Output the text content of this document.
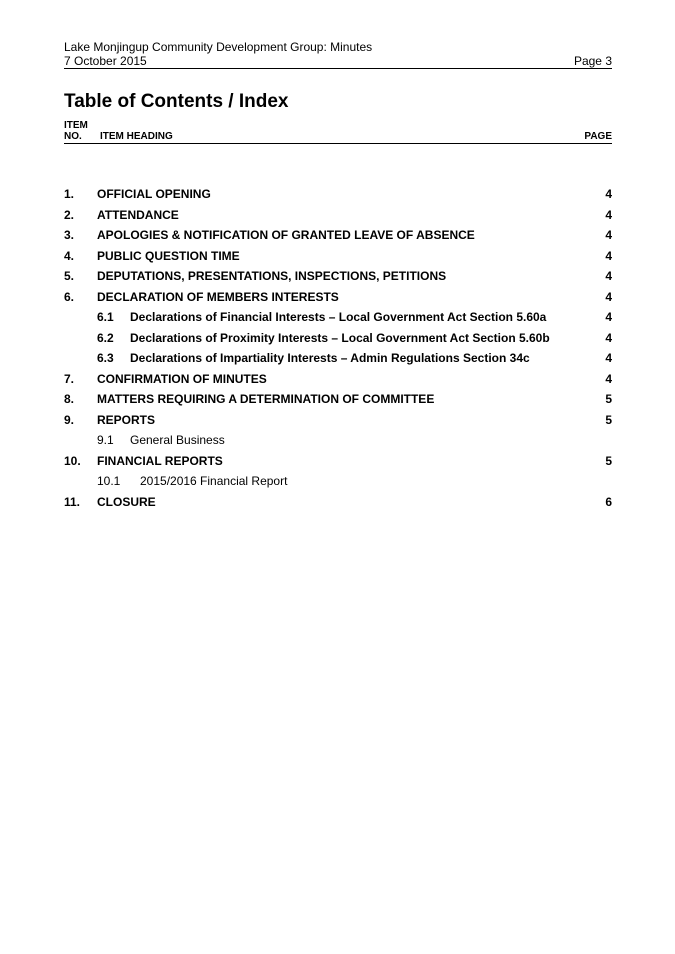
Lake Monjingup Community Development Group: Minutes
7 October 2015	Page 3
Table of Contents / Index
ITEM
NO.	ITEM HEADING	PAGE
1. OFFICIAL OPENING	4
2. ATTENDANCE	4
3. APOLOGIES & NOTIFICATION OF GRANTED LEAVE OF ABSENCE	4
4. PUBLIC QUESTION TIME	4
5. DEPUTATIONS, PRESENTATIONS, INSPECTIONS, PETITIONS	4
6. DECLARATION OF MEMBERS INTERESTS	4
6.1 Declarations of Financial Interests – Local Government Act Section 5.60a	4
6.2 Declarations of Proximity Interests – Local Government Act Section 5.60b	4
6.3 Declarations of Impartiality Interests – Admin Regulations Section 34c	4
7. CONFIRMATION OF MINUTES	4
8. MATTERS REQUIRING A DETERMINATION OF COMMITTEE	5
9. REPORTS	5
9.1 General Business
10. FINANCIAL REPORTS	5
10.1 2015/2016 Financial Report
11. CLOSURE	6
